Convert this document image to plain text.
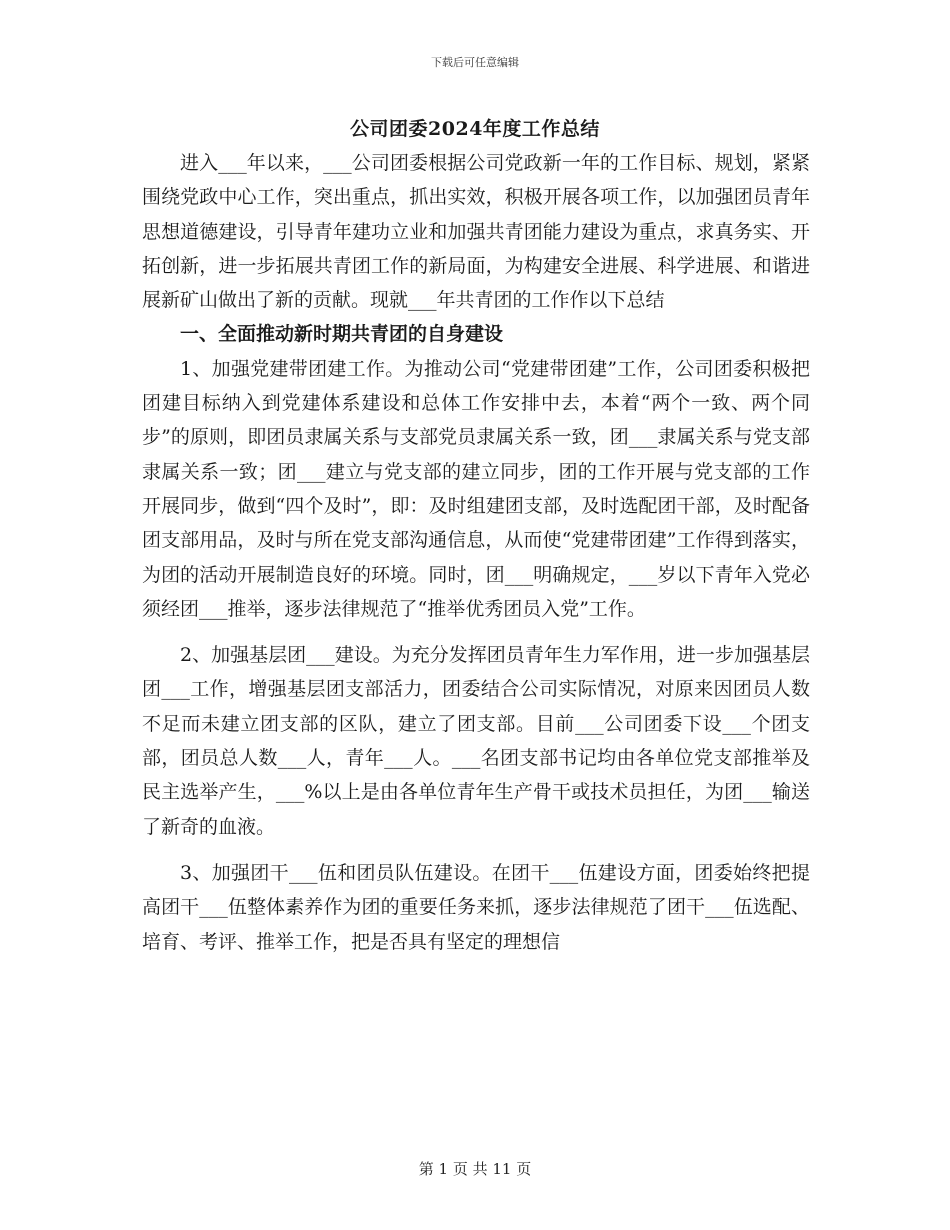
下载后可任意编辑
公司团委2024年度工作总结

进入___年以来，___公司团委根据公司党政新一年的工作目标、规划，紧紧围绕党政中心工作，突出重点，抓出实效，积极开展各项工作，以加强团员青年思想道德建设，引导青年建功立业和加强共青团能力建设为重点，求真务实、开拓创新，进一步拓展共青团工作的新局面，为构建安全进展、科学进展、和谐进展新矿山做出了新的贡献。现就___年共青团的工作作以下总结

一、全面推动新时期共青团的自身建设

1、加强党建带团建工作。为推动公司“党建带团建”工作，公司团委积极把团建目标纳入到党建体系建设和总体工作安排中去，本着“两个一致、两个同步”的原则，即团员隶属关系与支部党员隶属关系一致，团___隶属关系与党支部隶属关系一致；团___建立与党支部的建立同步，团的工作开展与党支部的工作开展同步，做到“四个及时”，即：及时组建团支部，及时选配团干部，及时配备团支部用品，及时与所在党支部沟通信息，从而使“党建带团建”工作得到落实，为团的活动开展制造良好的环境。同时，团___明确规定，___岁以下青年入党必须经团___推举，逐步法律规范了“推举优秀团员入党”工作。

2、加强基层团___建设。为充分发挥团员青年生力军作用，进一步加强基层团___工作，增强基层团支部活力，团委结合公司实际情况，对原来因团员人数不足而未建立团支部的区队，建立了团支部。目前___公司团委下设___个团支部，团员总人数___人，青年___人。___名团支部书记均由各单位党支部推举及民主选举产生，___%以上是由各单位青年生产骨干或技术员担任，为团___输送了新奇的血液。

3、加强团干___伍和团员队伍建设。在团干___伍建设方面，团委始终把提高团干___伍整体素养作为团的重要任务来抓，逐步法律规范了团干___伍选配、培育、考评、推举工作，把是否具有坚定的理想信

第 1 页 共 11 页
